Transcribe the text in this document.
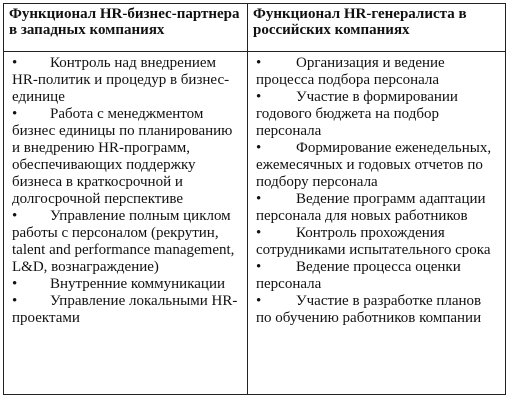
Функционал HR-бизнес-партнера в западных компаниях
• Контроль над внедрением HR-политик и процедур в бизнес-единице
• Работа с менеджментом бизнес единицы по планированию и внедрению HR-программ, обеспечивающих поддержку бизнеса в краткосрочной и долгосрочной перспективе
• Управление полным циклом работы с персоналом (рекрутин, talent and performance management, L&D, вознаграждение)
• Внутренние коммуникации
• Управление локальными HR-проектами
Функционал HR-генералиста в российских компаниях
• Организация и ведение процесса подбора персонала
• Участие в формировании годового бюджета на подбор персонала
• Формирование еженедельных, ежемесячных и годовых отчетов по подбору персонала
• Ведение программ адаптации персонала для новых работников
• Контроль прохождения сотрудниками испытательного срока
• Ведение процесса оценки персонала
• Участие в разработке планов по обучению работников компании
